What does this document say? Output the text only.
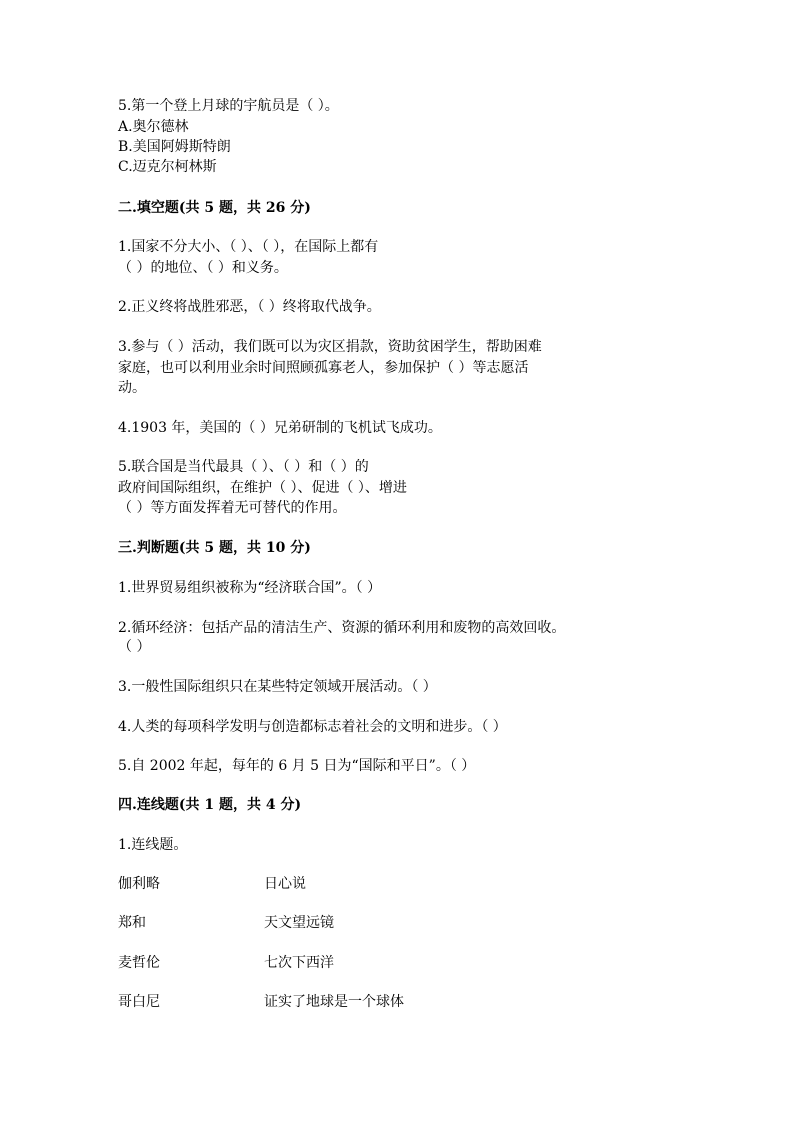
5.第一个登上月球的宇航员是（ ）。
A.奥尔德林
B.美国阿姆斯特朗
C.迈克尔柯林斯
二.填空题(共 5 题，共 26 分)
1.国家不分大小、（ ）、（ ），在国际上都有
（ ）的地位、（ ）和义务。
2.正义终将战胜邪恶，（ ）终将取代战争。
3.参与（ ）活动，我们既可以为灾区捐款，资助贫困学生，帮助困难
家庭，也可以利用业余时间照顾孤寡老人，参加保护（ ）等志愿活
动。
4.1903 年，美国的（ ）兄弟研制的飞机试飞成功。
5.联合国是当代最具（ ）、（ ）和（ ）的
政府间国际组织，在维护（ ）、促进（ ）、增进
（ ）等方面发挥着无可替代的作用。
三.判断题(共 5 题，共 10 分)
1.世界贸易组织被称为“经济联合国”。（ ）
2.循环经济：包括产品的清洁生产、资源的循环利用和废物的高效回收。
（ ）
3.一般性国际组织只在某些特定领域开展活动。（ ）
4.人类的每项科学发明与创造都标志着社会的文明和进步。（ ）
5.自 2002 年起，每年的 6 月 5 日为“国际和平日”。（ ）
四.连线题(共 1 题，共 4 分)
1.连线题。
伽利略	日心说
郑和	天文望远镜
麦哲伦	七次下西洋
哥白尼	证实了地球是一个球体
